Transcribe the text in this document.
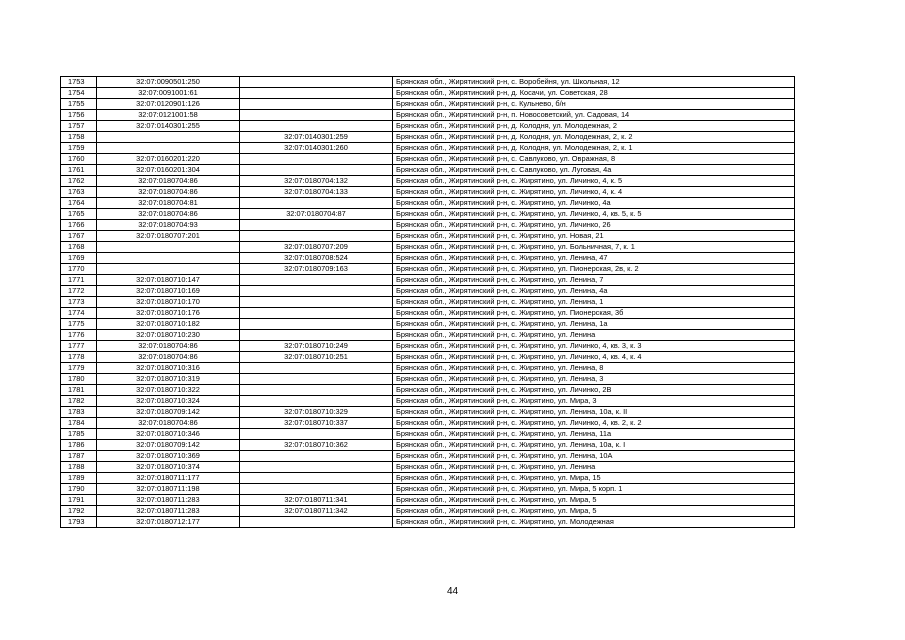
1753	32:07:0090501:250		Брянская обл., Жирятинский р-н, с. Воробейня, ул. Школьная, 12
1754	32:07:0091001:61		Брянская обл., Жирятинский р-н, д. Косачи, ул. Советская, 28
1755	32:07:0120901:126		Брянская обл., Жирятинский р-н, с. Кульнево, б/н
1756	32:07:0121001:58		Брянская обл., Жирятинский р-н, п. Новосоветский, ул. Садовая, 14
1757	32:07:0140301:255		Брянская обл., Жирятинский р-н, д. Колодня, ул. Молодежная, 2
1758		32:07:0140301:259	Брянская обл., Жирятинский р-н, д. Колодня, ул. Молодежная, 2, к. 2
1759		32:07:0140301:260	Брянская обл., Жирятинский р-н, д. Колодня, ул. Молодежная, 2, к. 1
1760	32:07:0160201:220		Брянская обл., Жирятинский р-н, с. Савлуково, ул. Овражная, 8
1761	32:07:0160201:304		Брянская обл., Жирятинский р-н, с. Савлуково, ул. Луговая, 4а
1762	32:07:0180704:86	32:07:0180704:132	Брянская обл., Жирятинский р-н, с. Жирятино, ул. Личинко, 4, к. 5
1763	32:07:0180704:86	32:07:0180704:133	Брянская обл., Жирятинский р-н, с. Жирятино, ул. Личинко, 4, к. 4
1764	32:07:0180704:81		Брянская обл., Жирятинский р-н, с. Жирятино, ул. Личинко, 4а
1765	32:07:0180704:86	32:07:0180704:87	Брянская обл., Жирятинский р-н, с. Жирятино, ул. Личинко, 4, кв. 5, к. 5
1766	32:07:0180704:93		Брянская обл., Жирятинский р-н, с. Жирятино, ул. Личинко, 26
1767	32:07:0180707:201		Брянская обл., Жирятинский р-н, с. Жирятино, ул. Новая, 21
1768		32:07:0180707:209	Брянская обл., Жирятинский р-н, с. Жирятино, ул. Больничная, 7, к. 1
1769		32:07:0180708:524	Брянская обл., Жирятинский р-н, с. Жирятино, ул. Ленина, 47
1770		32:07:0180709:163	Брянская обл., Жирятинский р-н, с. Жирятино, ул. Пионерская, 2в, к. 2
1771	32:07:0180710:147		Брянская обл., Жирятинский р-н, с. Жирятино, ул. Ленина, 7
1772	32:07:0180710:169		Брянская обл., Жирятинский р-н, с. Жирятино, ул. Ленина, 4а
1773	32:07:0180710:170		Брянская обл., Жирятинский р-н, с. Жирятино, ул. Ленина, 1
1774	32:07:0180710:176		Брянская обл., Жирятинский р-н, с. Жирятино, ул. Пионерская, 3б
1775	32:07:0180710:182		Брянская обл., Жирятинский р-н, с. Жирятино, ул. Ленина, 1а
1776	32:07:0180710:230		Брянская обл., Жирятинский р-н, с. Жирятино, ул. Ленина
1777	32:07:0180704:86	32:07:0180710:249	Брянская обл., Жирятинский р-н, с. Жирятино, ул. Личинко, 4, кв. 3, к. 3
1778	32:07:0180704:86	32:07:0180710:251	Брянская обл., Жирятинский р-н, с. Жирятино, ул. Личинко, 4, кв. 4, к. 4
1779	32:07:0180710:316		Брянская обл., Жирятинский р-н, с. Жирятино, ул. Ленина, 8
1780	32:07:0180710:319		Брянская обл., Жирятинский р-н, с. Жирятино, ул. Ленина, 3
1781	32:07:0180710:322		Брянская обл., Жирятинский р-н, с. Жирятино, ул. Личинко, 2В
1782	32:07:0180710:324		Брянская обл., Жирятинский р-н, с. Жирятино, ул. Мира, 3
1783	32:07:0180709:142	32:07:0180710:329	Брянская обл., Жирятинский р-н, с. Жирятино, ул. Ленина, 10а, к. II
1784	32:07:0180704:86	32:07:0180710:337	Брянская обл., Жирятинский р-н, с. Жирятино, ул. Личинко, 4, кв. 2, к. 2
1785	32:07:0180710:346		Брянская обл., Жирятинский р-н, с. Жирятино, ул. Ленина, 11а
1786	32:07:0180709:142	32:07:0180710:362	Брянская обл., Жирятинский р-н, с. Жирятино, ул. Ленина, 10а, к. I
1787	32:07:0180710:369		Брянская обл., Жирятинский р-н, с. Жирятино, ул. Ленина, 10А
1788	32:07:0180710:374		Брянская обл., Жирятинский р-н, с. Жирятино, ул. Ленина
1789	32:07:0180711:177		Брянская обл., Жирятинский р-н, с. Жирятино, ул. Мира, 15
1790	32:07:0180711:198		Брянская обл., Жирятинский р-н, с. Жирятино, ул. Мира, 5 корп. 1
1791	32:07:0180711:283	32:07:0180711:341	Брянская обл., Жирятинский р-н, с. Жирятино, ул. Мира, 5
1792	32:07:0180711:283	32:07:0180711:342	Брянская обл., Жирятинский р-н, с. Жирятино, ул. Мира, 5
1793	32:07:0180712:177		Брянская обл., Жирятинский р-н, с. Жирятино, ул. Молодежная
44
